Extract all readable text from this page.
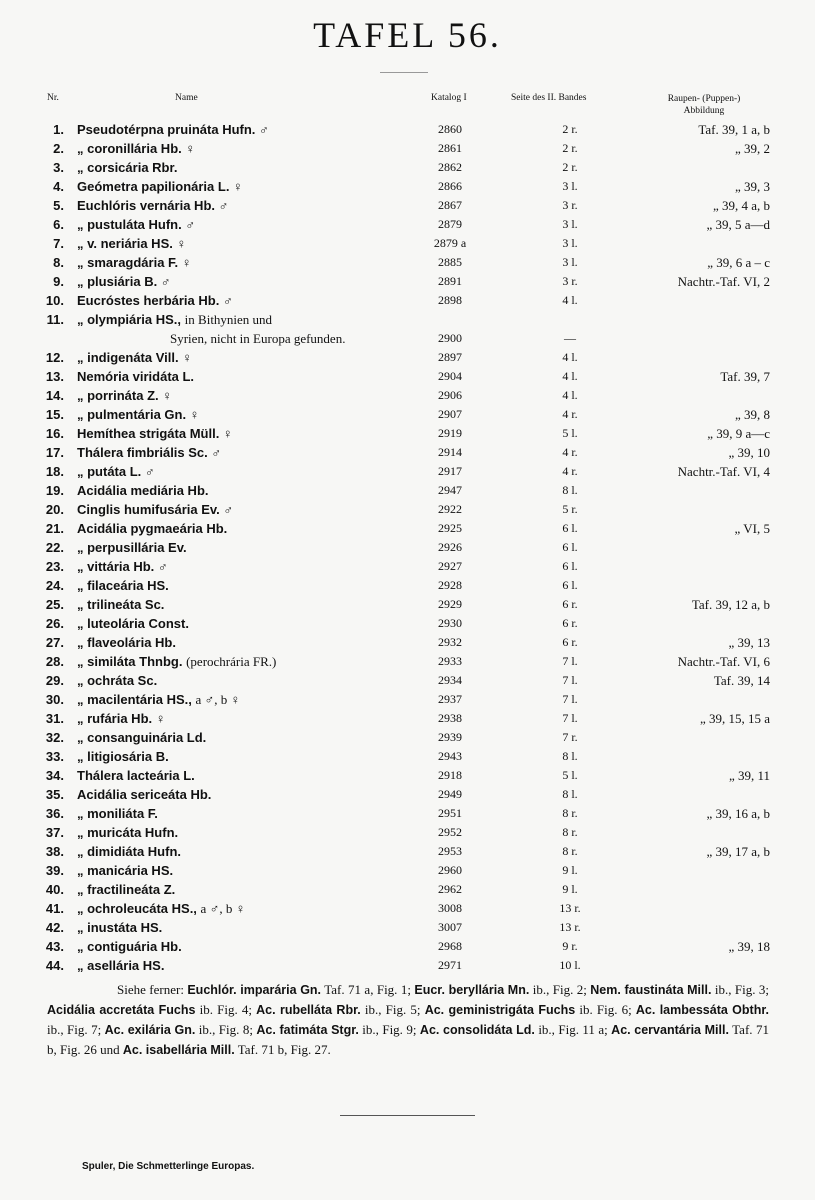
TAFEL 56.
Nr.	Name	Katalog I	Seite des II. Bandes	Raupen- (Puppen-)
Abbildung
1. Pseudotérpna pruináta Hufn. ♂	2860	2 r.	Taf. 39, 1 a, b
2. „ coronillária Hb. ♀	2861	2 r.	„ 39, 2
3. „ corsicária Rbr.	2862	2 r.
4. Geómetra papilionária L. ♀	2866	3 l.	„ 39, 3
5. Euchlóris vernária Hb. ♂	2867	3 r.	„ 39, 4 a, b
6. „ pustuláta Hufn. ♂	2879	3 l.	„ 39, 5 a—d
7. „ v. neriária HS. ♀	2879 a	3 l.
8. „ smaragdária F. ♀	2885	3 l.	„ 39, 6 a – c
9. „ plusiária B. ♂	2891	3 r.	Nachtr.-Taf. VI, 2
10. Eucróstes herbária Hb. ♂	2898	4 l.
11. „ olympiária HS., in Bithynien und
Syrien, nicht in Europa gefunden.	2900	—
12. „ indigenáta Vill. ♀	2897	4 l.
13. Nemória viridáta L.	2904	4 l.	Taf. 39, 7
14. „ porrináta Z. ♀	2906	4 l.
15. „ pulmentária Gn. ♀	2907	4 r.	„ 39, 8
16. Hemíthea strigáta Müll. ♀	2919	5 l.	„ 39, 9 a—c
17. Thálera fimbriális Sc. ♂	2914	4 r.	„ 39, 10
18. „ putáta L. ♂	2917	4 r.	Nachtr.-Taf. VI, 4
19. Acidália mediária Hb.	2947	8 l.
20. Cinglis humifusária Ev. ♂	2922	5 r.
21. Acidália pygmaeária Hb.	2925	6 l.	„ VI, 5
22. „ perpusillária Ev.	2926	6 l.
23. „ vittária Hb. ♂	2927	6 l.
24. „ filaceária HS.	2928	6 l.
25. „ trilineáta Sc.	2929	6 r.	Taf. 39, 12 a, b
26. „ luteolária Const.	2930	6 r.
27. „ flaveolária Hb.	2932	6 r.	„ 39, 13
28. „ similáta Thnbg. (perochrária FR.)	2933	7 l.	Nachtr.-Taf. VI, 6
29. „ ochráta Sc.	2934	7 l.	Taf. 39, 14
30. „ macilentária HS., a ♂, b ♀	2937	7 l.
31. „ rufária Hb. ♀	2938	7 l.	„ 39, 15, 15 a
32. „ consanguinária Ld.	2939	7 r.
33. „ litigiosária B.	2943	8 l.
34. Thálera lacteária L.	2918	5 l.	„ 39, 11
35. Acidália sericeáta Hb.	2949	8 l.
36. „ moniliáta F.	2951	8 r.	„ 39, 16 a, b
37. „ muricáta Hufn.	2952	8 r.
38. „ dimidiáta Hufn.	2953	8 r.	„ 39, 17 a, b
39. „ manicária HS.	2960	9 l.
40. „ fractilineáta Z.	2962	9 l.
41. „ ochroleucáta HS., a ♂, b ♀	3008	13 r.
42. „ inustáta HS.	3007	13 r.
43. „ contiguária Hb.	2968	9 r.	„ 39, 18
44. „ asellária HS.	2971	10 l.
Siehe ferner: Euchlór. imparária Gn. Taf. 71 a, Fig. 1; Eucr. beryllária Mn. ib., Fig. 2; Nem. faustináta Mill. ib., Fig. 3; Acidália accretáta Fuchs ib. Fig. 4; Ac. rubelláta Rbr. ib., Fig. 5; Ac. geministrigáta Fuchs ib. Fig. 6; Ac. lambessáta Obthr. ib., Fig. 7; Ac. exilária Gn. ib., Fig. 8; Ac. fatimáta Stgr. ib., Fig. 9; Ac. consolidáta Ld. ib., Fig. 11 a; Ac. cervantária Mill. Taf. 71 b, Fig. 26 und Ac. isabellária Mill. Taf. 71 b, Fig. 27.
Spuler, Die Schmetterlinge Europas.
